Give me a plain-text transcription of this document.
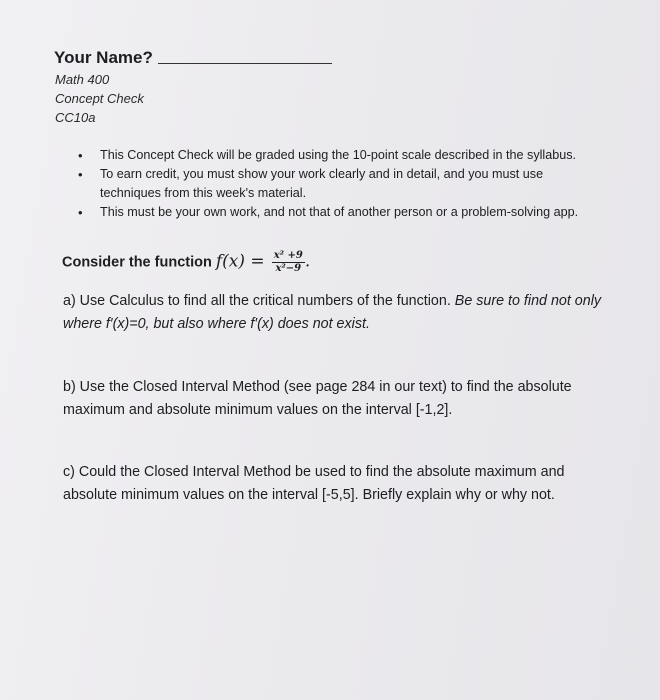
Your Name?
Math 400
Concept Check
CC10a
• This Concept Check will be graded using the 10-point scale described in the syllabus.
• To earn credit, you must show your work clearly and in detail, and you must use techniques from this week's material.
• This must be your own work, and not that of another person or a problem-solving app.
Consider the function $f(x) = \frac{\text{x² +9}}{\text{x²−9}}$ .
a) Use Calculus to find all the critical numbers of the function. Be sure to find not only where f′(x)=0, but also where f′(x) does not exist.
b) Use the Closed Interval Method (see page 284 in our text) to find the absolute maximum and absolute minimum values on the interval [-1,2].
c) Could the Closed Interval Method be used to find the absolute maximum and absolute minimum values on the interval [-5,5]. Briefly explain why or why not.
